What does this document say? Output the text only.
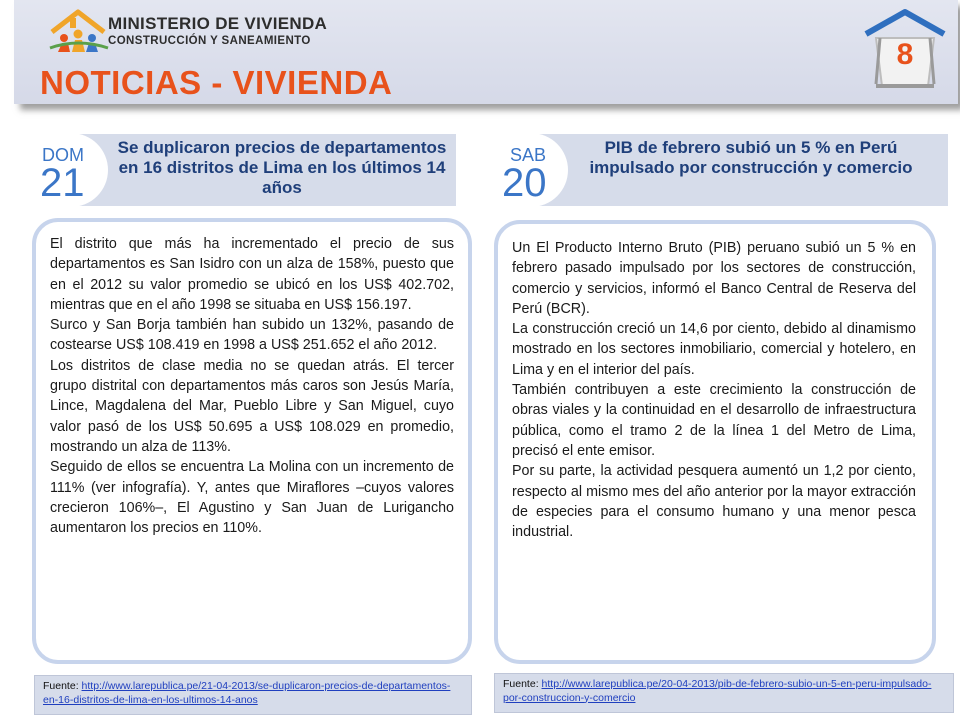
MINISTERIO DE VIVIENDA
CONSTRUCCIÓN Y SANEAMIENTO
NOTICIAS - VIVIENDA
8
DOM
21
Se duplicaron precios de departamentos en 16 distritos de Lima en los últimos 14 años

El distrito que más ha incrementado el precio de sus departamentos es San Isidro con un alza de 158%, puesto que en el 2012 su valor promedio se ubicó en los US$ 402.702, mientras que en el año 1998 se situaba en US$ 156.197.

Surco y San Borja también han subido un 132%, pasando de costearse US$ 108.419 en 1998 a US$ 251.652 el año 2012.

Los distritos de clase media no se quedan atrás. El tercer grupo distrital con departamentos más caros son Jesús María, Lince, Magdalena del Mar, Pueblo Libre y San Miguel, cuyo valor pasó de los US$ 50.695 a US$ 108.029 en promedio, mostrando un alza de 113%.

Seguido de ellos se encuentra La Molina con un incremento de 111% (ver infografía). Y, antes que Miraflores –cuyos valores crecieron 106%–, El Agustino y San Juan de Lurigancho aumentaron los precios en 110%.

Fuente: http://www.larepublica.pe/21-04-2013/se-duplicaron-precios-de-departamentos-en-16-distritos-de-lima-en-los-ultimos-14-anos
SAB
20
PIB de febrero subió un 5 % en Perú impulsado por construcción y comercio

Un El Producto Interno Bruto (PIB) peruano subió un 5 % en febrero pasado impulsado por los sectores de construcción, comercio y servicios, informó el Banco Central de Reserva del Perú (BCR).

La construcción creció un 14,6 por ciento, debido al dinamismo mostrado en los sectores inmobiliario, comercial y hotelero, en Lima y en el interior del país.

También contribuyen a este crecimiento la construcción de obras viales y la continuidad en el desarrollo de infraestructura pública, como el tramo 2 de la línea 1 del Metro de Lima, precisó el ente emisor.

Por su parte, la actividad pesquera aumentó un 1,2 por ciento, respecto al mismo mes del año anterior por la mayor extracción de especies para el consumo humano y una menor pesca industrial.

Fuente: http://www.larepublica.pe/20-04-2013/pib-de-febrero-subio-un-5-en-peru-impulsado-por-construccion-y-comercio
